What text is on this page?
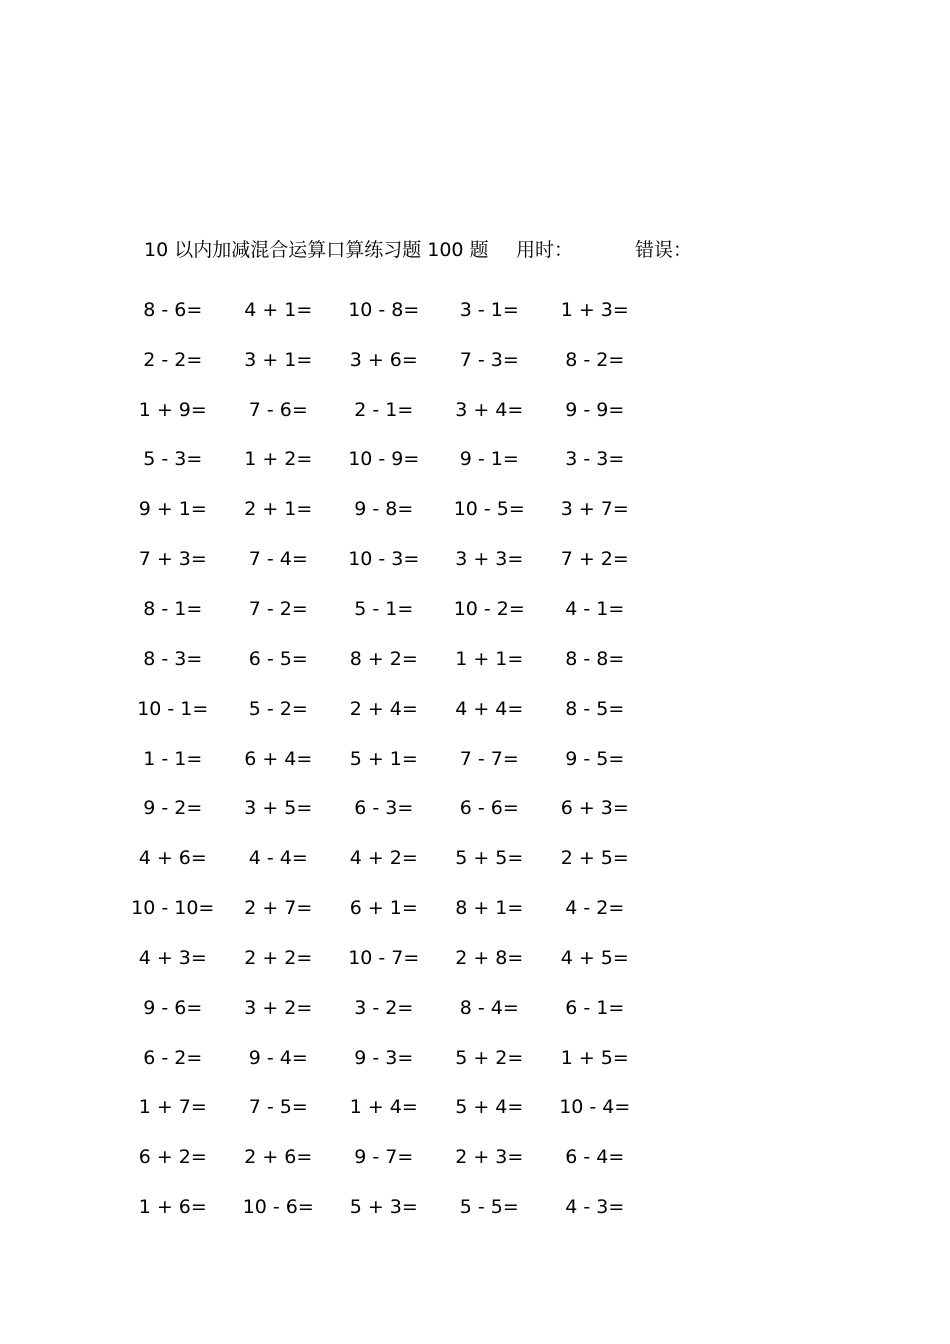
10 以内加减混合运算口算练习题 100 题 用时：	错误：
8 - 6=	4 + 1=	10 - 8=	3 - 1=	1 + 3=
2 - 2=	3 + 1=	3 + 6=	7 - 3=	8 - 2=
1 + 9=	7 - 6=	2 - 1=	3 + 4=	9 - 9=
5 - 3=	1 + 2=	10 - 9=	9 - 1=	3 - 3=
9 + 1=	2 + 1=	9 - 8=	10 - 5=	3 + 7=
7 + 3=	7 - 4=	10 - 3=	3 + 3=	7 + 2=
8 - 1=	7 - 2=	5 - 1=	10 - 2=	4 - 1=
8 - 3=	6 - 5=	8 + 2=	1 + 1=	8 - 8=
10 - 1=	5 - 2=	2 + 4=	4 + 4=	8 - 5=
1 - 1=	6 + 4=	5 + 1=	7 - 7=	9 - 5=
9 - 2=	3 + 5=	6 - 3=	6 - 6=	6 + 3=
4 + 6=	4 - 4=	4 + 2=	5 + 5=	2 + 5=
10 - 10=	2 + 7=	6 + 1=	8 + 1=	4 - 2=
4 + 3=	2 + 2=	10 - 7=	2 + 8=	4 + 5=
9 - 6=	3 + 2=	3 - 2=	8 - 4=	6 - 1=
6 - 2=	9 - 4=	9 - 3=	5 + 2=	1 + 5=
1 + 7=	7 - 5=	1 + 4=	5 + 4=	10 - 4=
6 + 2=	2 + 6=	9 - 7=	2 + 3=	6 - 4=
1 + 6=	10 - 6=	5 + 3=	5 - 5=	4 - 3=
